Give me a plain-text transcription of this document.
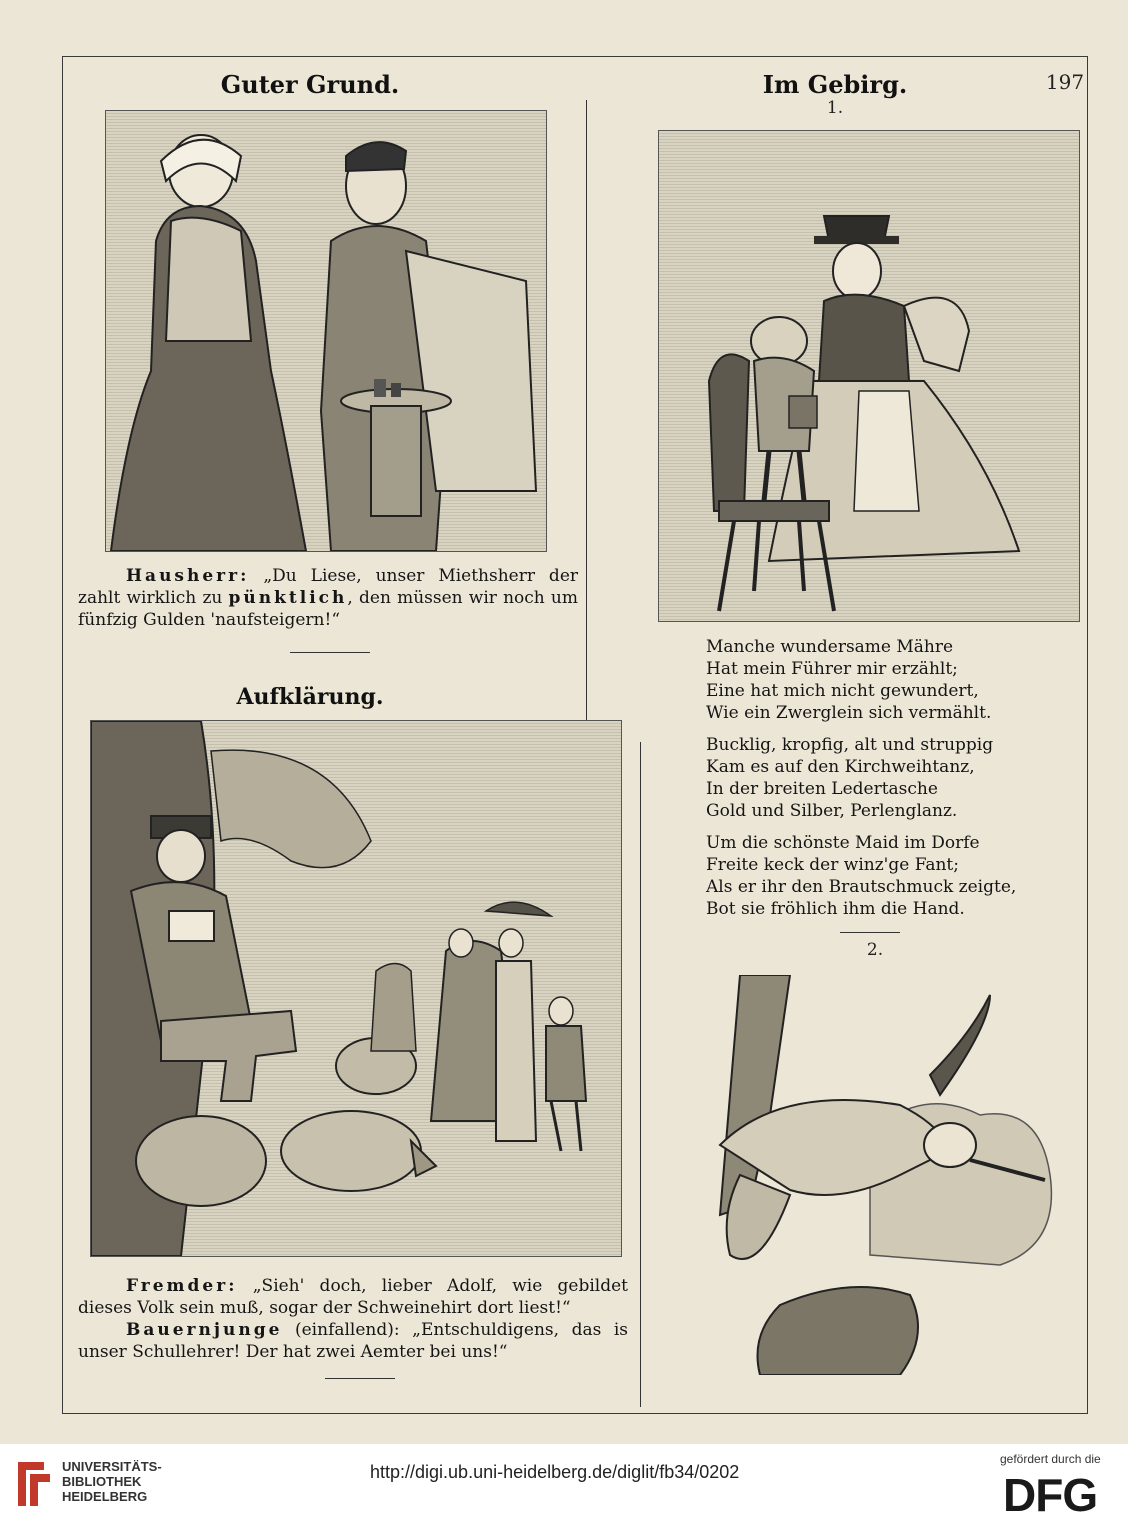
197
Guter Grund.

Hausherr: „Du Liese, unser Miethsherr der zahlt wirklich zu pünktlich, den müssen wir noch um fünfzig Gulden 'naufsteigern!“

Aufklärung.

Fremder: „Sieh' doch, lieber Adolf, wie gebildet dieses Volk sein muß, sogar der Schweinehirt dort liest!“

Bauernjunge (einfallend): „Entschuldigens, das is unser Schullehrer! Der hat zwei Aemter bei uns!“

Im Gebirg.
1.
Manche wundersame Mähre
Hat mein Führer mir erzählt;
Eine hat mich nicht gewundert,
Wie ein Zwerglein sich vermählt.
Bucklig, kropfig, alt und struppig
Kam es auf den Kirchweihtanz,
In der breiten Ledertasche
Gold und Silber, Perlenglanz.
Um die schönste Maid im Dorfe
Freite keck der winz'ge Fant;
Als er ihr den Brautschmuck zeigte,
Bot sie fröhlich ihm die Hand.
2.
UNIVERSITÄTS-
BIBLIOTHEK
HEIDELBERG
http://digi.ub.uni-heidelberg.de/diglit/fb34/0202
gefördert durch die
DFG
